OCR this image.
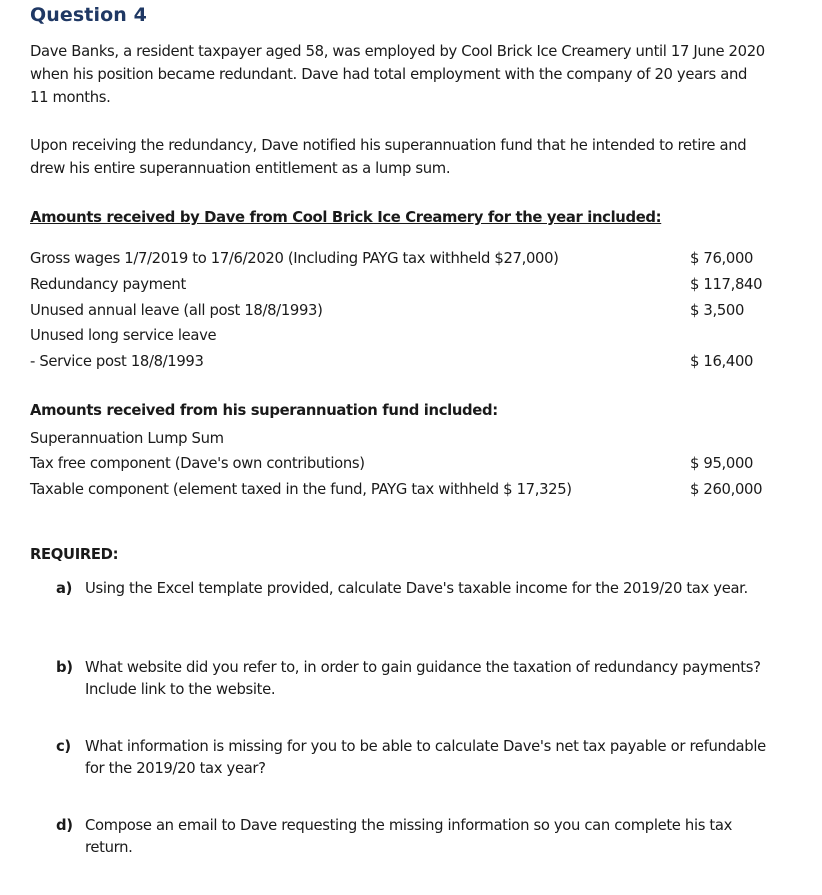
Question 4
Dave Banks, a resident taxpayer aged 58, was employed by Cool Brick Ice Creamery until 17 June 2020 when his position became redundant. Dave had total employment with the company of 20 years and 11 months.
Upon receiving the redundancy, Dave notified his superannuation fund that he intended to retire and drew his entire superannuation entitlement as a lump sum.
Amounts received by Dave from Cool Brick Ice Creamery for the year included:
Gross wages 1/7/2019 to 17/6/2020 (Including PAYG tax withheld $27,000)	$ 76,000
Redundancy payment	$ 117,840
Unused annual leave (all post 18/8/1993)	$ 3,500
Unused long service leave
- Service post 18/8/1993	$ 16,400
Amounts received from his superannuation fund included:
Superannuation Lump Sum
Tax free component (Dave's own contributions)	$ 95,000
Taxable component (element taxed in the fund, PAYG tax withheld $ 17,325)	$ 260,000
REQUIRED:
a) Using the Excel template provided, calculate Dave's taxable income for the 2019/20 tax year.
b) What website did you refer to, in order to gain guidance the taxation of redundancy payments? Include link to the website.
c) What information is missing for you to be able to calculate Dave's net tax payable or refundable for the 2019/20 tax year?
d) Compose an email to Dave requesting the missing information so you can complete his tax return.
